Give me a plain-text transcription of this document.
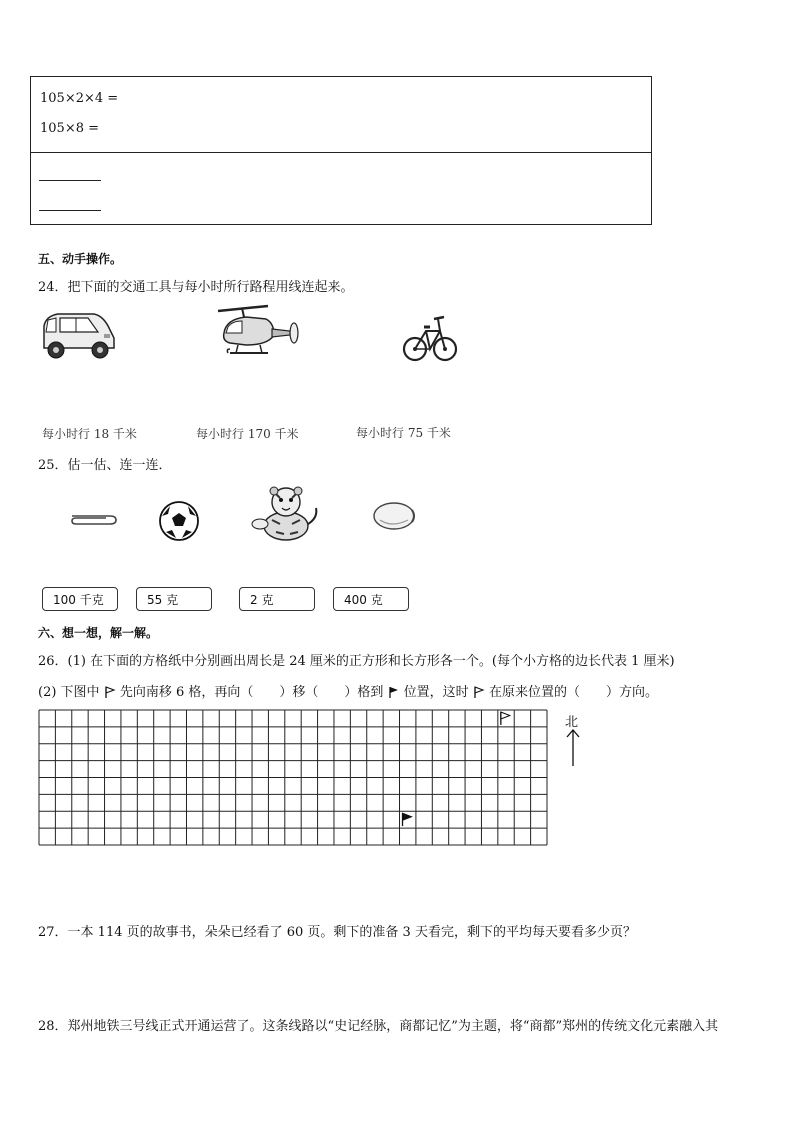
105×2×4 =
105×8 =
五、动手操作。
24．把下面的交通工具与每小时所行路程用线连起来。
每小时行 18 千米	每小时行 170 千米	每小时行 75 千米
25．估一估、连一连．
100 千克	55 克	2 克	400 克
六、想一想，解一解。
26．(1) 在下面的方格纸中分别画出周长是 24 厘米的正方形和长方形各一个。(每个小方格的边长代表 1 厘米)
(2) 下图中 先向南移 6 格，再向（　　）移（　　）格到 位置，这时 在原来位置的（　　）方向。
北
27．一本 114 页的故事书，朵朵已经看了 60 页。剩下的准备 3 天看完，剩下的平均每天要看多少页？
28．郑州地铁三号线正式开通运营了。这条线路以“史记经脉，商都记忆”为主题，将“商都”郑州的传统文化元素融入其
